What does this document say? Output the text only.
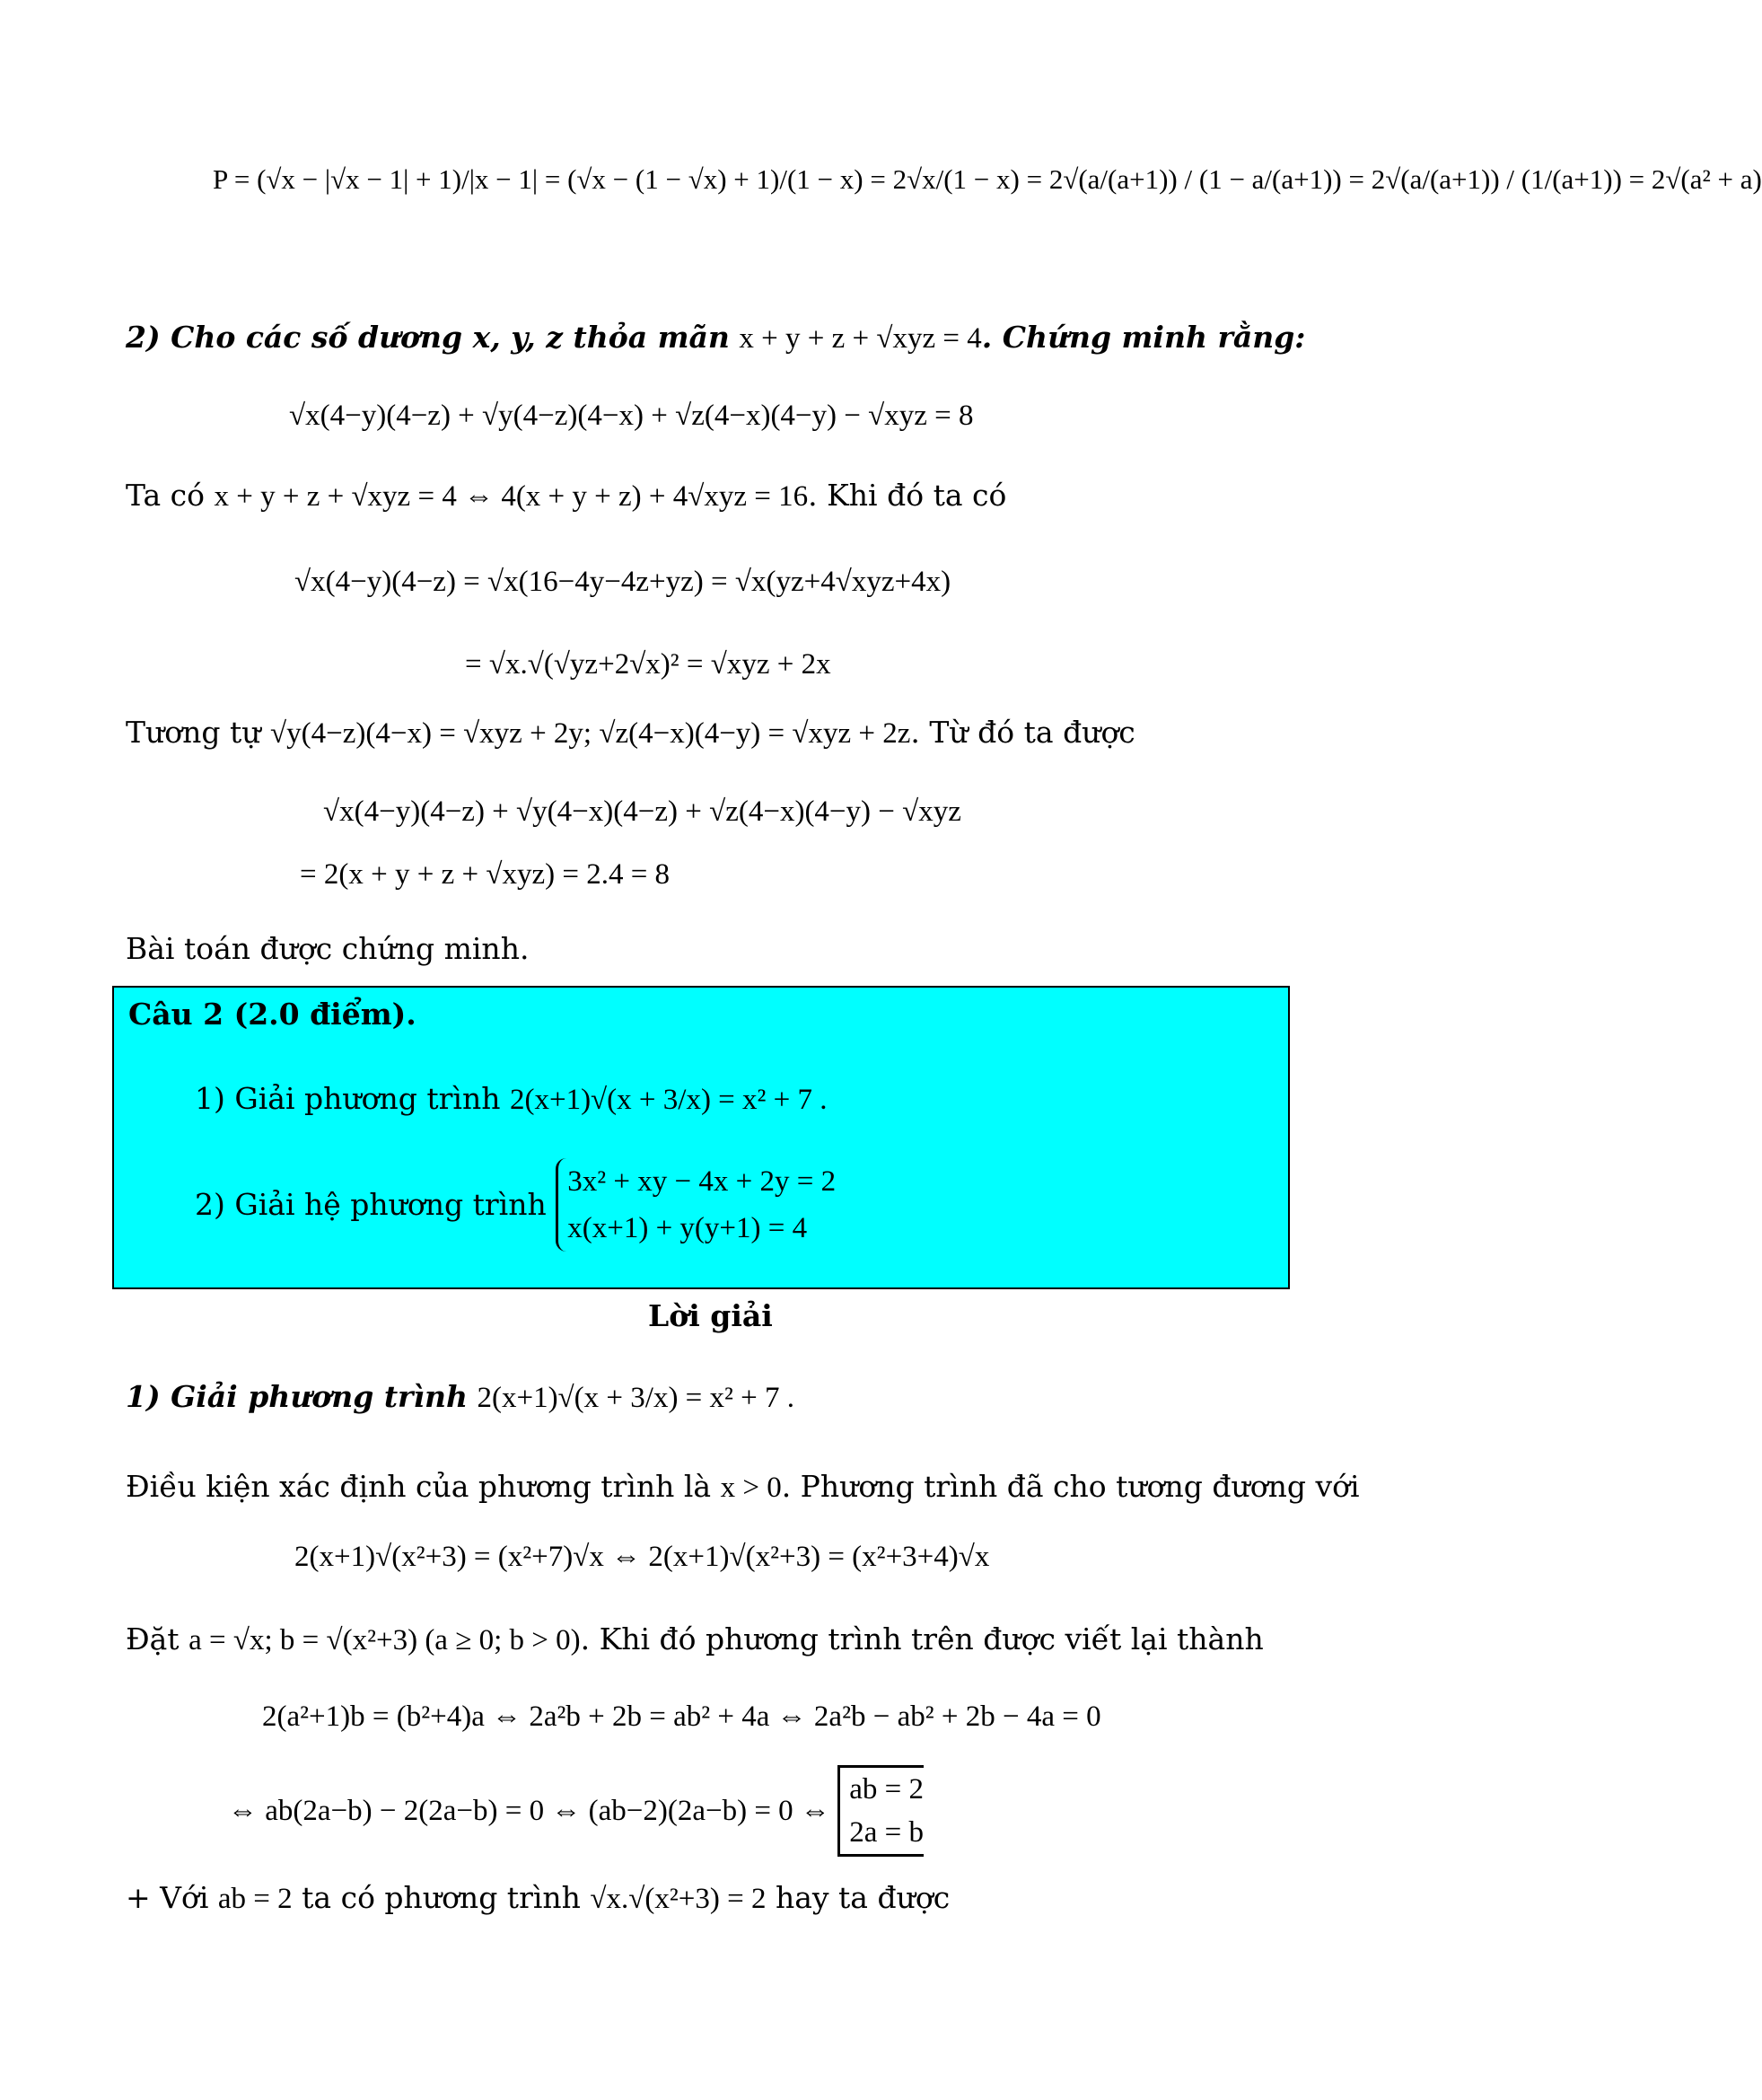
P = (√x − |√x − 1| + 1)/|x − 1| = (√x − (1 − √x) + 1)/(1 − x) = 2√x/(1 − x) = 2√(a/(a+1)) / (1 − a/(a+1)) = 2√(a/(a+1)) / (1/(a+1)) = 2√(a² + a)
2) Cho các số dương x, y, z thỏa mãn x + y + z + √xyz = 4. Chứng minh rằng:
√x(4−y)(4−z) + √y(4−z)(4−x) + √z(4−x)(4−y) − √xyz = 8
Ta có x + y + z + √xyz = 4 ⇔ 4(x + y + z) + 4√xyz = 16. Khi đó ta có
√x(4−y)(4−z) = √x(16−4y−4z+yz) = √x(yz+4√xyz+4x)
= √x.√(√yz+2√x)² = √xyz + 2x
Tương tự √y(4−z)(4−x) = √xyz + 2y; √z(4−x)(4−y) = √xyz + 2z. Từ đó ta được
√x(4−y)(4−z) + √y(4−x)(4−z) + √z(4−x)(4−y) − √xyz
= 2(x + y + z + √xyz) = 2.4 = 8
Bài toán được chứng minh.
Câu 2 (2.0 điểm).
1) Giải phương trình 2(x+1)√(x + 3/x) = x² + 7 .
2) Giải hệ phương trình 3x² + xy − 4x + 2y = 2
x(x+1) + y(y+1) = 4
Lời giải
1) Giải phương trình 2(x+1)√(x + 3/x) = x² + 7 .
Điều kiện xác định của phương trình là x > 0. Phương trình đã cho tương đương với
2(x+1)√(x²+3) = (x²+7)√x ⇔ 2(x+1)√(x²+3) = (x²+3+4)√x
Đặt a = √x; b = √(x²+3) (a ≥ 0; b > 0). Khi đó phương trình trên được viết lại thành
2(a²+1)b = (b²+4)a ⇔ 2a²b + 2b = ab² + 4a ⇔ 2a²b − ab² + 2b − 4a = 0
⇔ ab(2a−b) − 2(2a−b) = 0 ⇔ (ab−2)(2a−b) = 0 ⇔ ab = 2
2a = b
+ Với ab = 2 ta có phương trình √x.√(x²+3) = 2 hay ta được
